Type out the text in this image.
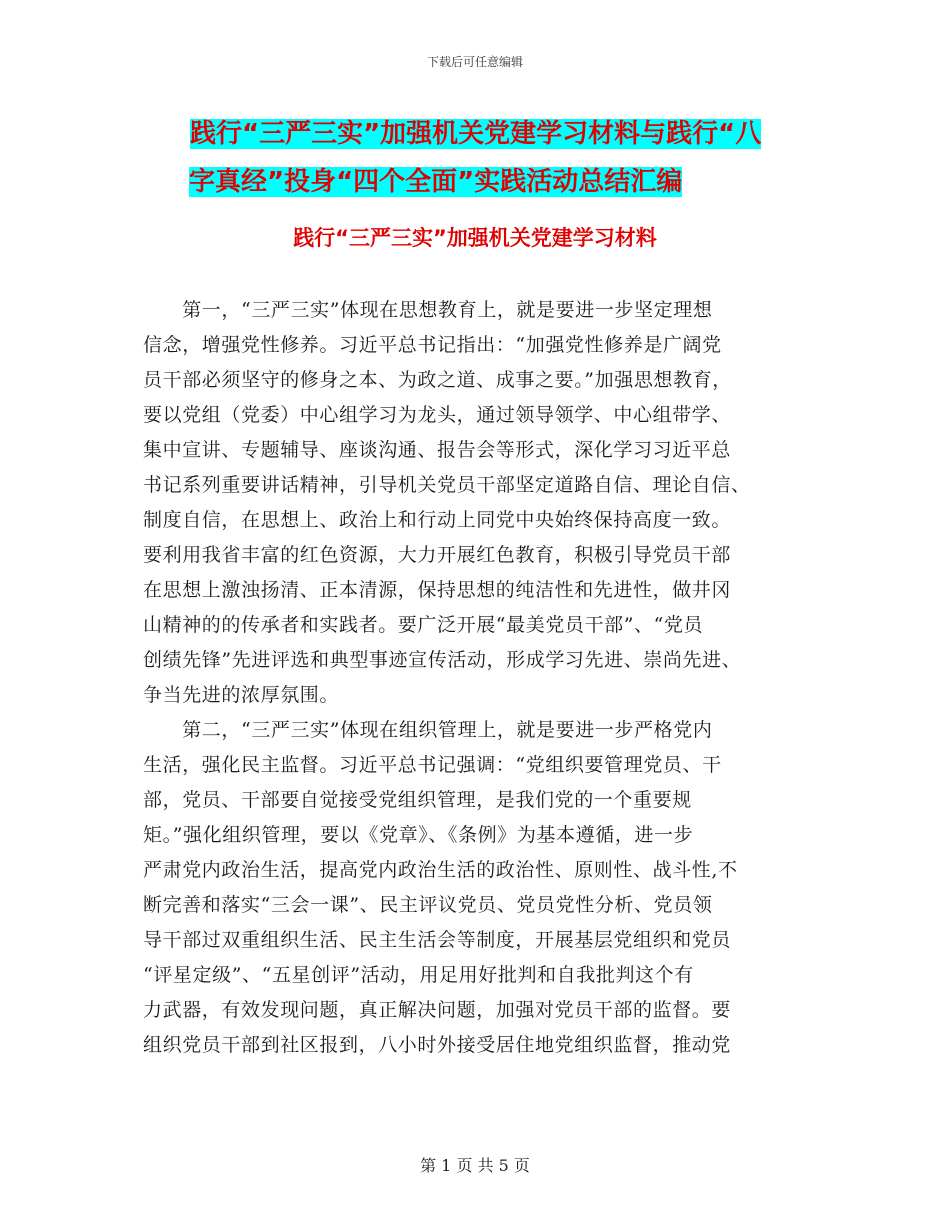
下载后可任意编辑
践行“三严三实”加强机关党建学习材料与践行“八
字真经”投身“四个全面”实践活动总结汇编
践行“三严三实”加强机关党建学习材料
　　第一，“三严三实”体现在思想教育上，就是要进一步坚定理想
信念，增强党性修养。习近平总书记指出：“加强党性修养是广阔党
员干部必须坚守的修身之本、为政之道、成事之要。”加强思想教育，
要以党组（党委）中心组学习为龙头，通过领导领学、中心组带学、
集中宣讲、专题辅导、座谈沟通、报告会等形式，深化学习习近平总
书记系列重要讲话精神，引导机关党员干部坚定道路自信、理论自信、
制度自信，在思想上、政治上和行动上同党中央始终保持高度一致。
要利用我省丰富的红色资源，大力开展红色教育，积极引导党员干部
在思想上激浊扬清、正本清源，保持思想的纯洁性和先进性，做井冈
山精神的的传承者和实践者。要广泛开展“最美党员干部”、“党员
创绩先锋”先进评选和典型事迹宣传活动，形成学习先进、崇尚先进、
争当先进的浓厚氛围。
　　第二，“三严三实”体现在组织管理上，就是要进一步严格党内
生活，强化民主监督。习近平总书记强调：“党组织要管理党员、干
部，党员、干部要自觉接受党组织管理，是我们党的一个重要规
矩。”强化组织管理，要以《党章》、《条例》为基本遵循，进一步
严肃党内政治生活，提高党内政治生活的政治性、原则性、战斗性,不
断完善和落实“三会一课”、民主评议党员、党员党性分析、党员领
导干部过双重组织生活、民主生活会等制度，开展基层党组织和党员
“评星定级”、“五星创评”活动，用足用好批判和自我批判这个有
力武器，有效发现问题，真正解决问题，加强对党员干部的监督。要
组织党员干部到社区报到，八小时外接受居住地党组织监督，推动党
第 1 页 共 5 页
